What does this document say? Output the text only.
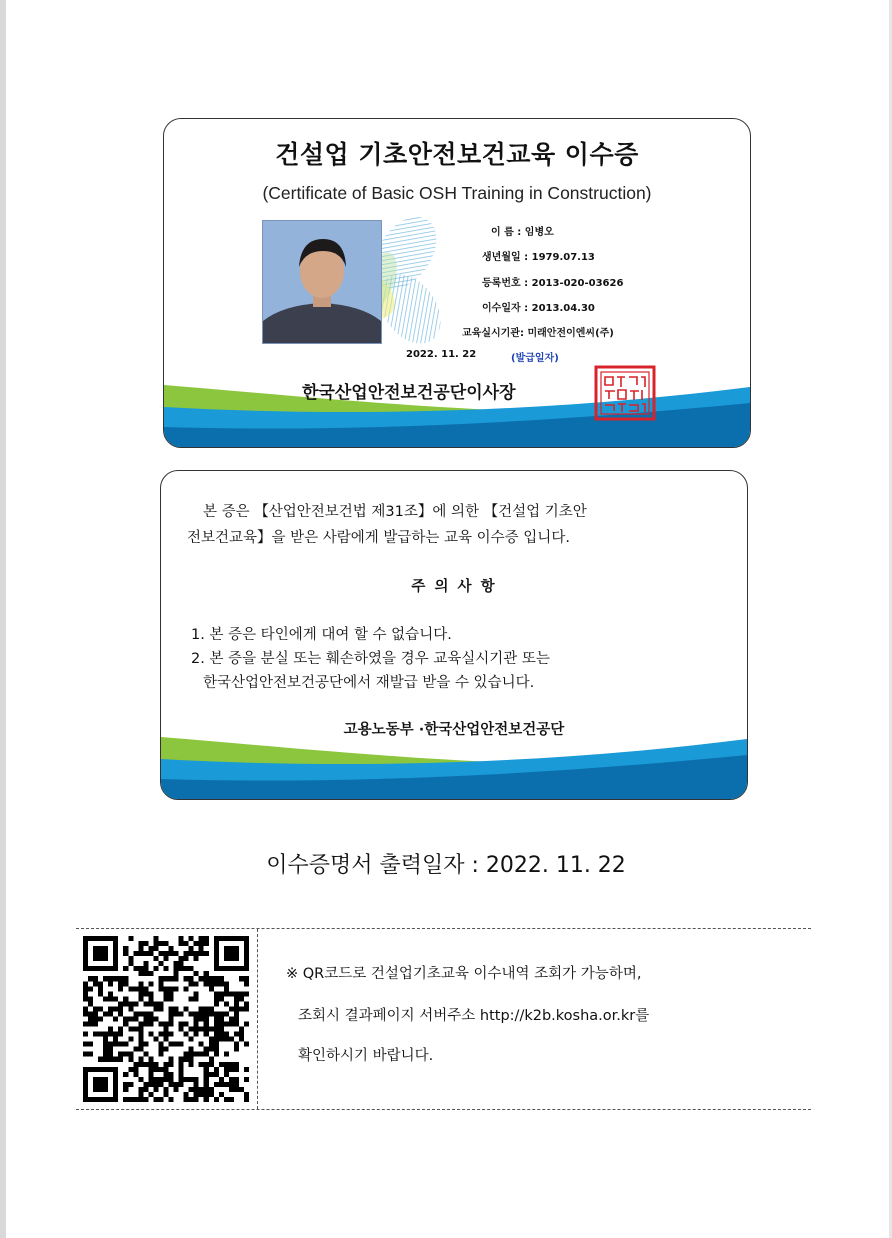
건설업 기초안전보건교육 이수증
(Certificate of Basic OSH Training in Construction)
이 름 : 임병오
생년월일 : 1979.07.13
등록번호 : 2013-020-03626
이수일자 : 2013.04.30
교육실시기관: 미래안전이엔씨(주)
2022. 11. 22	(발급일자)
한국산업안전보건공단이사장
본 증은 【산업안전보건법 제31조】에 의한 【건설업 기초안
전보건교육】을 받은 사람에게 발급하는 교육 이수증 입니다.
주 의 사 항
1. 본 증은 타인에게 대여 할 수 없습니다.
2. 본 증을 분실 또는 훼손하였을 경우 교육실시기관 또는
한국산업안전보건공단에서 재발급 받을 수 있습니다.
고용노동부 ·한국산업안전보건공단
이수증명서 출력일자 : 2022. 11. 22
※ QR코드로 건설업기초교육 이수내역 조회가 가능하며,
조회시 결과페이지 서버주소 http://k2b.kosha.or.kr를
확인하시기 바랍니다.
